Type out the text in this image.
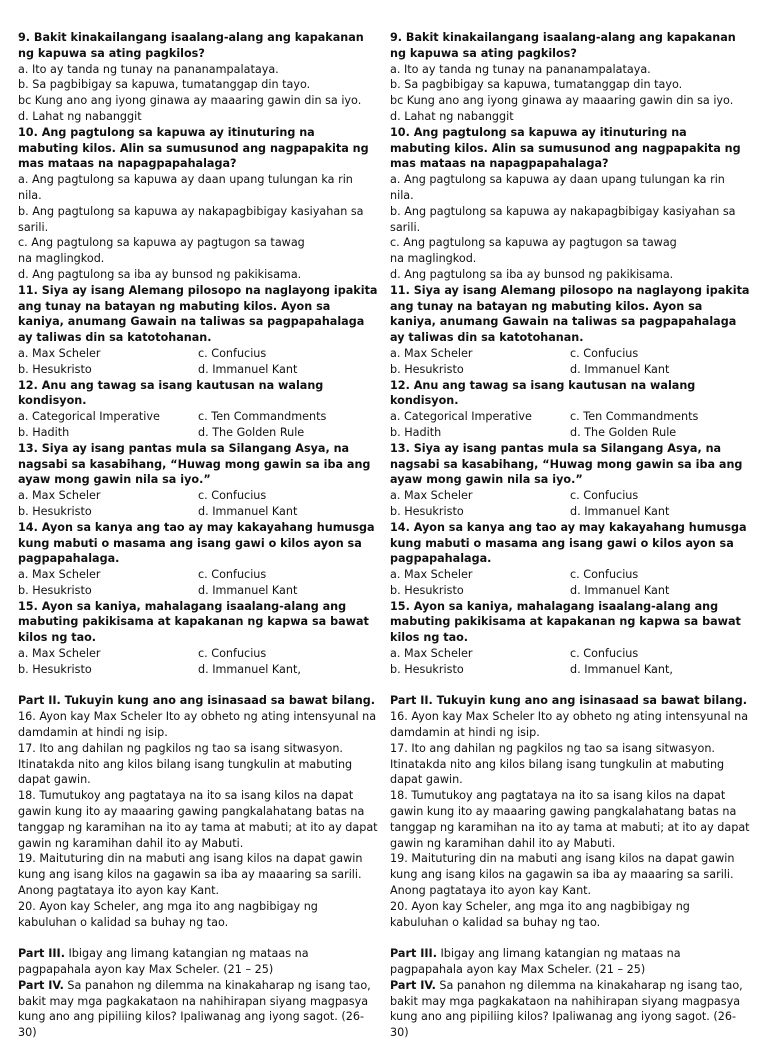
9. Bakit kinakailangang isaalang-alang ang kapakanan ng kapuwa sa ating pagkilos?
a. Ito ay tanda ng tunay na pananampalataya.
b. Sa pagbibigay sa kapuwa, tumatanggap din tayo.
bc Kung ano ang iyong ginawa ay maaaring gawin din sa iyo.
d. Lahat ng nabanggit
10. Ang pagtulong sa kapuwa ay itinuturing na mabuting kilos. Alin sa sumusunod ang nagpapakita ng mas mataas na napagpapahalaga?
a. Ang pagtulong sa kapuwa ay daan upang tulungan ka rin nila.
b. Ang pagtulong sa kapuwa ay nakapagbibigay kasiyahan sa sarili.
c. Ang pagtulong sa kapuwa ay pagtugon sa tawag
na maglingkod.
d. Ang pagtulong sa iba ay bunsod ng pakikisama.
11. Siya ay isang Alemang pilosopo na naglayong ipakita ang tunay na batayan ng mabuting kilos. Ayon sa kaniya, anumang Gawain na taliwas sa pagpapahalaga ay taliwas din sa katotohanan.
a. Max Scheler	c. Confucius
b. Hesukristo	d. Immanuel Kant
12. Anu ang tawag sa isang kautusan na walang kondisyon.
a. Categorical Imperative	c. Ten Commandments
b. Hadith	d. The Golden Rule
13. Siya ay isang pantas mula sa Silangang Asya, na nagsabi sa kasabihang, “Huwag mong gawin sa iba ang ayaw mong gawin nila sa iyo.”
a. Max Scheler	c. Confucius
b. Hesukristo	d. Immanuel Kant
14. Ayon sa kanya ang tao ay may kakayahang humusga kung mabuti o masama ang isang gawi o kilos ayon sa pagpapahalaga.
a. Max Scheler	c. Confucius
b. Hesukristo	d. Immanuel Kant
15. Ayon sa kaniya, mahalagang isaalang-alang ang mabuting pakikisama at kapakanan ng kapwa sa bawat kilos ng tao.
a. Max Scheler	c. Confucius
b. Hesukristo	d. Immanuel Kant,
Part II. Tukuyin kung ano ang isinasaad sa bawat bilang.
16. Ayon kay Max Scheler Ito ay obheto ng ating intensyunal na damdamin at hindi ng isip.
17. Ito ang dahilan ng pagkilos ng tao sa isang sitwasyon. Itinatakda nito ang kilos bilang isang tungkulin at mabuting dapat gawin.
18. Tumutukoy ang pagtataya na ito sa isang kilos na dapat gawin kung ito ay maaaring gawing pangkalahatang batas na tanggap ng karamihan na ito ay tama at mabuti; at ito ay dapat gawin ng karamihan dahil ito ay Mabuti.
19. Maituturing din na mabuti ang isang kilos na dapat gawin kung ang isang kilos na gagawin sa iba ay maaaring sa sarili. Anong pagtataya ito ayon kay Kant.
20. Ayon kay Scheler, ang mga ito ang nagbibigay ng kabuluhan o kalidad sa buhay ng tao.
Part III. Ibigay ang limang katangian ng mataas na pagpapahala ayon kay Max Scheler. (21 – 25)
Part IV. Sa panahon ng dilemma na kinakaharap ng isang tao, bakit may mga pagkakataon na nahihirapan siyang magpasya kung ano ang pipiliing kilos? Ipaliwanag ang iyong sagot. (26-30)
9. Bakit kinakailangang isaalang-alang ang kapakanan ng kapuwa sa ating pagkilos?
a. Ito ay tanda ng tunay na pananampalataya.
b. Sa pagbibigay sa kapuwa, tumatanggap din tayo.
bc Kung ano ang iyong ginawa ay maaaring gawin din sa iyo.
d. Lahat ng nabanggit
10. Ang pagtulong sa kapuwa ay itinuturing na mabuting kilos. Alin sa sumusunod ang nagpapakita ng mas mataas na napagpapahalaga?
a. Ang pagtulong sa kapuwa ay daan upang tulungan ka rin nila.
b. Ang pagtulong sa kapuwa ay nakapagbibigay kasiyahan sa sarili.
c. Ang pagtulong sa kapuwa ay pagtugon sa tawag
na maglingkod.
d. Ang pagtulong sa iba ay bunsod ng pakikisama.
11. Siya ay isang Alemang pilosopo na naglayong ipakita ang tunay na batayan ng mabuting kilos. Ayon sa kaniya, anumang Gawain na taliwas sa pagpapahalaga ay taliwas din sa katotohanan.
a. Max Scheler	c. Confucius
b. Hesukristo	d. Immanuel Kant
12. Anu ang tawag sa isang kautusan na walang kondisyon.
a. Categorical Imperative	c. Ten Commandments
b. Hadith	d. The Golden Rule
13. Siya ay isang pantas mula sa Silangang Asya, na nagsabi sa kasabihang, “Huwag mong gawin sa iba ang ayaw mong gawin nila sa iyo.”
a. Max Scheler	c. Confucius
b. Hesukristo	d. Immanuel Kant
14. Ayon sa kanya ang tao ay may kakayahang humusga kung mabuti o masama ang isang gawi o kilos ayon sa pagpapahalaga.
a. Max Scheler	c. Confucius
b. Hesukristo	d. Immanuel Kant
15. Ayon sa kaniya, mahalagang isaalang-alang ang mabuting pakikisama at kapakanan ng kapwa sa bawat kilos ng tao.
a. Max Scheler	c. Confucius
b. Hesukristo	d. Immanuel Kant,
Part II. Tukuyin kung ano ang isinasaad sa bawat bilang.
16. Ayon kay Max Scheler Ito ay obheto ng ating intensyunal na damdamin at hindi ng isip.
17. Ito ang dahilan ng pagkilos ng tao sa isang sitwasyon. Itinatakda nito ang kilos bilang isang tungkulin at mabuting dapat gawin.
18. Tumutukoy ang pagtataya na ito sa isang kilos na dapat gawin kung ito ay maaaring gawing pangkalahatang batas na tanggap ng karamihan na ito ay tama at mabuti; at ito ay dapat gawin ng karamihan dahil ito ay Mabuti.
19. Maituturing din na mabuti ang isang kilos na dapat gawin kung ang isang kilos na gagawin sa iba ay maaaring sa sarili. Anong pagtataya ito ayon kay Kant.
20. Ayon kay Scheler, ang mga ito ang nagbibigay ng kabuluhan o kalidad sa buhay ng tao.
Part III. Ibigay ang limang katangian ng mataas na pagpapahala ayon kay Max Scheler. (21 – 25)
Part IV. Sa panahon ng dilemma na kinakaharap ng isang tao, bakit may mga pagkakataon na nahihirapan siyang magpasya kung ano ang pipiliing kilos? Ipaliwanag ang iyong sagot. (26-30)
